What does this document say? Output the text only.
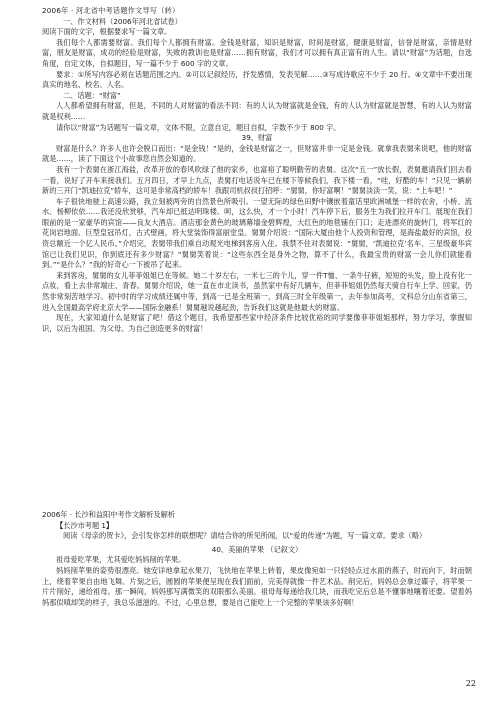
2006年 · 河北省中考话题作文导写（转）

一、作文材料（2006年河北省试卷）

阅读下面的文字，根据要求写一篇文章。

我们每个人都需要财富。我们每个人都拥有财富。金钱是财富，知识是财富，时间是财富，健康是财富，信誉是财富，亲情是财富，朋友是财富，成功的经验是财富，失败的教训也是财富……拥有财富，我们才可以拥有真正富有的人生。请以“财富”为话题，自选角度，自定文体，自拟题目，写一篇不少于 600 字的文章。

要求：①所写内容必须在话题范围之内。②可以记叙经历，抒发感情，发表见解……③写成诗歌应不少于 20 行。④文章中不要出现真实的地名、校名、人名。

二、话题：“财富”

人人都希望拥有财富，但是，不同的人对财富的看法不同：有的人认为财富就是金钱，有的人认为财富就是智慧，有的人认为财富就是权利……

请你以“财富”为话题写一篇文章，文体不限，立意自定，题目自拟，字数不少于 800 字。

39、财富

财富是什么？许多人也许会脱口而出：“是金钱！”是的，金钱是财富之一，但财富并非一定是金钱。就拿我表舅来说吧，他的财富就是……，读了下面这个小故事您自然会知道的。

我有一个表舅在浙江海盐，改革开放的春风吹绿了他的家乡，也富裕了聪明勤劳的表舅。这次“五一”放长假，表舅邀请我们回去看一看，说好了开车来接我们。五月四日，才早上九点，表舅打电话说车已在楼下等候我们，我下楼一看，“哇，好酷的车！”只见一辆崭新的三开门“凯迪拉克”轿车，这可是非常高档的轿车！我跟司机叔叔打招呼：“舅舅，你好富啊！”舅舅淡淡一笑，说：“上车吧！”

车子很快地驶上高速公路，我立刻被两旁的自然景色所吸引。一望无际的绿色田野中镶嵌着童话里欧洲城堡一样的农舍，小桥、流水、杨柳依依……我还没欣赏够，汽车却已抵达明珠楼。呵，这么快，才一个小时！汽车停下后，服务生为我们拉开车门。展现在我们眼前的是一家豪华的宾馆——良友大酒店。酒店那金黄色的玻璃幕墙金碧辉煌，大红色的地毯铺在门口；走进漂亮的旋转门，将军红的花岗岩地面、巨型皇冠吊灯，古式壁画，将大堂装饰得富丽堂皇。舅舅介绍说：“国际大厦由他个人投资和管理，是海盐最好的宾馆，投资总额近一个亿人民币。”介绍完，表舅带我们乘自动观光电梯到客房入住。我禁不住对表舅说：“舅舅，‘凯迪拉克’名车、三星级豪华宾馆已让我们见识，你到底还有多少财富？”舅舅笑着说：“这些东西全是身外之物，算不了什么，我最宝贵的财富一会儿你们就能看到。”“是什么？”我的好奇心一下被吊了起来。

来到客房，舅舅的女儿菲菲姐姐已在等候。她二十岁左右，一米七三的个儿，穿一件T恤、一条牛仔裤，短短的头发，脸上没有化一点妆，看上去非常端庄、青春。舅舅介绍说，她一直在市北读书，虽然家中有好几辆车，但菲菲姐姐仍然每天骑自行车上学、回家，仍然非常刻苦地学习。初中时的学习成绩还属中等，到高一已是全班第一，到高三时全年级第一，去年参加高考，文科总分山东省第三，进入全国最高学府北京大学——国际金融系！舅舅越说越起劲，告诉我们这就是他最大的财富。

现在，大家知道什么是财富了吧！借这个题目，我希望那些家中经济条件比较优裕的同学要像菲菲姐姐那样，努力学习，掌握知识，以后为祖国、为父母、为自己创造更多的财富！

2006年 · 长沙和益阳中考作文解析及解析

【长沙市考题 1】

阅读《母亲的贺卡》，会引发你怎样的联想呢？请结合你的所见所闻，以“爱的传递”为题，写一篇文章。要求（略）

40、美丽的苹果 （记叙文）

祖母爱吃苹果，尤其爱吃妈妈削的苹果。

妈妈削苹果的姿势很漂亮。她安详地拿起水果刀，飞快地在苹果上转着，果皮像宛如一只轻轻点过水面的燕子，时而向下，时而朝上，绕着苹果自由地飞舞。片刻之后，圆圆的苹果便呈现在我们面前，完美得就像一件艺术品。削完后，妈妈总会拿过碟子，将苹果一片片削好，递给祖母。那一瞬间，妈妈那写满微笑的双眼那么美丽。祖母每每递给我几块，而我吃完后总是不懂事地嚷着还要。望着妈妈那似嗔却笑的样子，我总乐滋滋的。不过，心里总想，要是自己能吃上一个完整的苹果该多好啊！

22
